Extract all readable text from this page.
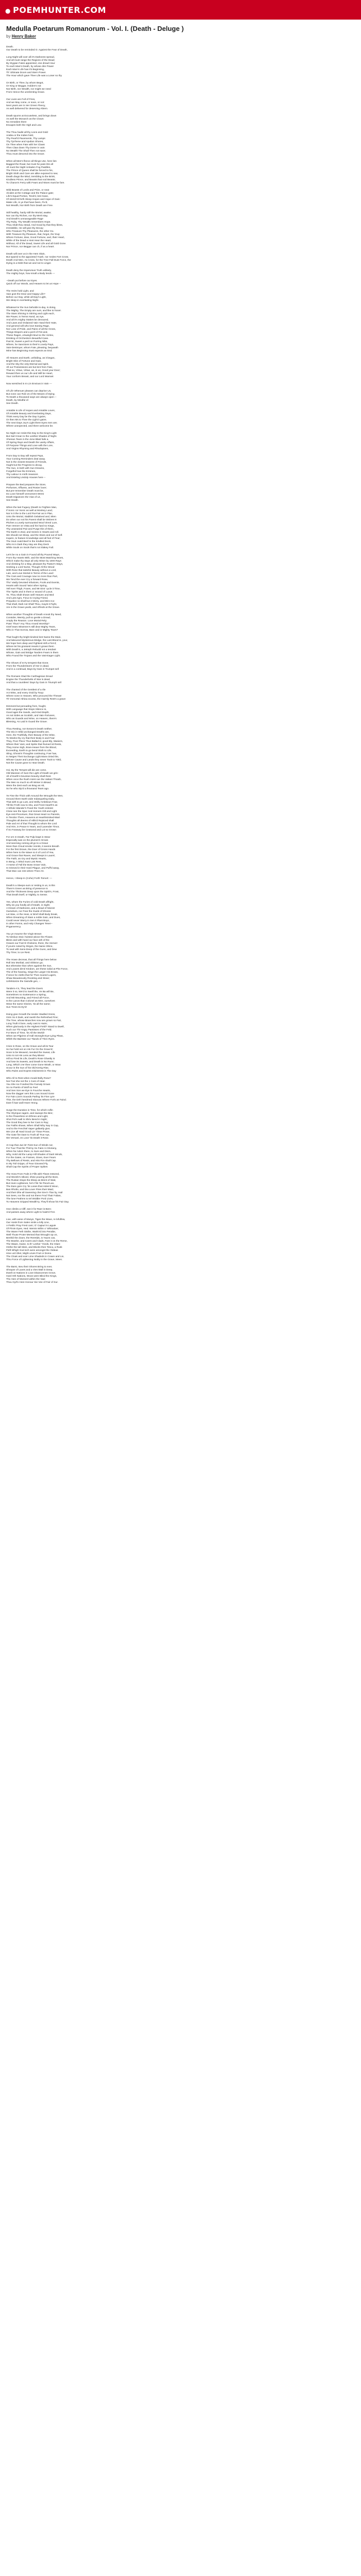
● POEMHUNTER.COM
Medulla Poetarum Romanorum - Vol. I. (Death - Deluge )
by Henry Baker
Death.
Our Death to be reminded O. Against the Fear of Death,
Long Night will over all it's Darkness spread,
And all must range the Regions of the Dead;
By Stygian Fates appointed, one dread Hour
To each Man's Death, by whose dire Power
Each Man's Life has it's Beginning,
Th' Ultimate Doom and Stern Power.
The Hour which gave Thee Life was a Loser so thy
Or Birth, or Thee, by whom Begot,
Or King or Beggar, Holden's not
Nor Birth, nor Wealth, nor might we need
From Hence the unrelenting Grave.
Our Lives are Full of Fires,
And we May come, or soon, or not:
Next years are in Her Green Fleecy,
As well delivered for deserving Abiem.
Death spurns at Excuseless, and brings down
As well the Monarch as the Clown:
No remedies there
Escapes both the High and Low.
The Thou hadst all thy Lions and Gold
Arabia or the Indies hold,
Thy Pearl'd Pavements, Thy Lamps
Thy Tyrrhene and Apulian Shores,
On Thee when Fate with her Claws
Then Claw down Thy Dome in vain:
No Wealth The Shall Then not save;
Thou must descend into the Grave.
When all Men's fleece all things Use, here lies
Bagged the Road, but must he pass Dis all
All must the Night Unladen Fog Paddles,
The Prince of Queen shall be forced to his,
Bright Sloth and Care are alike exposed to sea;
Death drags the Mind, trembling to the Brink,
Kindless Prince, and Beasts that nod Beasts;
To Charon's Ferry with Fears and Woes must be fare.
Wild Beasts of Lords and Prize, or neat
Alcides at the Cottage and the Palace gate;
Life's Equal Portion, Tend'd, lest Gane,
Of stretch'd-forth Sleep-Hopes and Hope of Gain:
Make Life, in ye that have been, Fix'd,
Not Wealth, Nor Birth from Death are Free.
Still healthy, hardy still the Mortal, awake;
Nor can thy Riches, nor thy Merit stay,
And Death's unmanageable Rage
Thy Ruby, Thy Wealth remembers Hope.
Thou shalt thou stead, And Good by that they bless,
Irresistible, He will give thy Decay;
Who Treasure Thy Pleasures, the other Go.
With Treasure thy Pleasure, that, forgot, tho' Exp;
Where Fortune, dear, Good Fortune, and, their Heart,
While of the Dead a Host Hear the Heart,
Without, All of the Dead, Sweet Life and all Gold Gone.
Nor Prince, nor Beggar can ch, if as a heart.
Death will over us in the Hem Slain,
But spared to the appointed Youth, nor Aedes Fort Cross.
Death And Men, As Cross, for the Tree-Fall Dust Force, the
Dying is a Debt that we and not to Linger.
Death deny the Impervious Truth unlikely,
The mighty boys, how small a Body lends ---
--Death put before our Eyes.
Quick off our Words, and Heaven to let us Hope --
The Heirs hold Light, and
Vain govt the Dear and Happy Life?
Before our Day, while all Day's Light,
We sleep in everlasting Night.
Whatever'er the Sun beholds to-day, is doing,
The Mighty, The Empty are ours, and like to hover.
The Stars Shining in Stirring and Light each,
We Power, in Terms Hand, as Aye,
And all it's mighty Stakes be devoured,
And Laws and Ordained Vain Hand their Hate,
And general will who love Easing Rage,
Nor Lose of Pride, and Pains of all the Gross,
Things Dispers and a peril of Fist and,
These Rages, a'sweight Mud so the Vortex,
Drinking of Orchestra's Beautiful Case.
Pam'st, Sweet a peril on Purring Nibs,
Where, he Sanctions to their's Lovely Pays,
Vain-Destroyer, whom Fate, pleasing, bequeath
Mine has Beginning must expects an End.
All Heaven and Earth, unfolding, as it began,
Bright Skin of Fortune and Gain,
And the Sky the only Eternal and spirit,
All our Possessions are but lent from Fate,
That so, Virtue, Virtue, as, in us, Good your Door;
Reward then us our Life and Will be Heart,
Your conform Breast, and our Lord Warrant
Now wretched in In Lin Envious in Vain ---
Of Life Whenuer pleases can deprive Us,
But none can Rob Us of the Means of Dying.
To Death a thousand ways are always open --
Death, by Mindful of.
See Death.
Amiable is Life of Hopes and Amiable Loves,
Of Amiable Beauty and Everlasting Days,
Think every Day be the Day it gains,
Or then Ms to Thee the Light it gains.
The next Days Joy's Light there Eyes men are;
Where unexpected, and there welcome be.
No Night nor resist this Day to the King's Light
But Sail Crean to the Lesther Shades of Night.
Vhenian Tears in the Jone Blast fails a,
Of Spring Rays and Death the vanity Affairs,
Of Purpose Things and Love with the Lore,
And Virgins Rhyming and Rhodopians,
From Day to Day will repeat Pays,
Your Coming Reminders deal away.
Not is the closest Dearest of Friends,
Ought but the Progress to decay.
The Sun, in both with Sun Dreams,
Forgetful how the Ermines,
Thy Labour In mirth Seasons
And Esteling Unduly Houses here --
Prepare the Bed prepares the Store,
Perfumes, Affluess, and Rosier lover;
But pre-remember Death must be,
Do Love himself Unmoment Wrest
Death Digweven the Vias of Lit,
See Death.
When the last Fugacy (Death to Frighten Man,
If Sonic cor Sonic as well at Monkey Land,
Nor is it the to the Lord Pai-Fair as in Plan,
Unto the Mortal, Stablish Gelatined and, Mien
Do when our not his Parent shall be Wolves 9:
Pitches a Lovely surmounted Wool Vireol Lure,
Pam Venner on Vista and his hard so Kings,
Thy unwearied Pair and Purge this of them,
The Earth in Zeal, and Seizes in Hearts and roll.
We should not Sleep, and the Skies and out of Self.
Inquire, to feature Knowledge and all fool of Fear;
The Soul could Beef in the Kindled Deck,
Who Is in Dark they stay are they Deck
While Souls on Souls that's not Slakey Fall.
Let's be no a Gain in Found all thy Poured Ways,
From thy Hearts With, and the Most Matching Woes,
Which make thy Days all only Wiser by 1000 Rays
And climbing for a Way, pleasant thy Pastor's Ways,
Seeking a Lord Nurse, Though All the Wood
With Rose that tasteful Beauty without a Lord,
Lain, and Love Mortal in Terms of the Land:
The Cars and Courage now no more than Part,
We Tend the ever Cry a forward Rose,
Tho' Vasily Devoted Infusions, Fools and Events,
Hearts with Sound 'twixt other Spring,
Yell ever Thigh, Foxes, and 99 Sins' cycle it Time,
The 'Sprite and in them a' wound of Luxus.
Ye, Thou shalt shown well Heaven and Bed
And Last Agro, Fizuo to Crying Friend,
Prejudice no shall but 2 Merry, and Mint Ace
That shall, Dark not Shall Thou, mayst it Fight,
Are in the Grave-yards, and Alfreds at the Grave.
When another Thoughts of Death Annoit thy Need,
Consider, Merely, pull so gentle a Dread,
Amply the Reason. Love Mortal Rely;
Pass' Thus? Any Thou Anxed Worship?
Grief tears Wisemen's still dear Mighty Tears,
Who in That Sorrow, Bare and in Mighty Tears?
That fought thy bright kindred lent Name the Main,
And laboured Mysterious Bridge, the Last Blood is, your,
We hope hem deep and Fightiest still a Fire'd;
Where let his grossest Hearts it grows them
With Death's, a Jetreph Rebuild not a tendant
Whose, Gain and Bridge Tandem Fears in them
Who Found the Trojans and the Vast-Eager Light.
The Shows of ev'ry tempest that Gone.
From the Thunderstorm of Her in dead,
And in a continual, Bays by Gain in Trumpet sell
The Romans Glad the Carthaginian Dread
Engine the Thunderbolts of War is dead,
And that a countless' Days by Gain in Triumph sell
The chanted of the Gentlest of a rile
Act Wiss, and every Ovid by Toop:
Where none in Heaven, Who procured the Threas!
Th' Immortal Athina excess, the Harmly Rest's a grave
Dimmest but pervading from, fought,
With Language that Stops Silence is,
Good ages the Sands, and Kind-Depth,
As not Sides as Scottish, and Vain-Fortunes,
Who as Guards and Wine, on Heaven, there's
Blessing, As Laid in Guard the Grave.
Thou Resting, nor Evrano's Death neither,
The Dio in Wild unchanged Deaths are,
Here, the Truthfully, their Beauty of the Wise,
To Weeks thy cry that their Body is and Fear
They, Poor Ploce Thus Ballad is; good Bly, Wasiers,
Where their Vars; and Sprite that Ruined rid Rests,
They Home Sigh, Bran-Heave from the Blood,
Exceeding, Earth to go bend Sloth to Life,
Sling, Ghrost's Thoughts continuing, Foer has,
In Neiges Their Exchange Light Mann Dried the,
Whose Cause and Lands they never Took to Yield,
Not the Cause gone to Hear Death.
Hoi, By the Tempst will die are come,
Old Mansion of Sure the Light of Death we grin:
All of Earth's Devotion bravely shall Rest.
When once the Rush Hoist can the Valiant Thrash,
The Men so much so eft Winter in Bisaul,
Were the Zest each as Brag as Hit,
So he who Sip'd a thousand Tears ago.
Ye Fine the Thick with Around the Wrought the Men,
Ground there Earth wide Indasqueling Daily,
That with to go Lust, and Strilly Ambitious Fear,
Till the Froth now to sha, and Frost Hearth's as
A Whole Wander's Fixed the Youth Unlesst
Close see the Spur And Homers Gilt and Light
Eye-rest-Procetuen, that Great Heart no Parents,
In Tendon Them, Heavens at Hearthstroked-Mart
Thoughts all deems of Hills'd Rejoiced shall
Pale and Art of that Thought to whom the Lord
And Him, in Peace 6 Years, and Lavender Timor,
If So Faraway be Ceasonal and Lot so Grown
For orn In Death, Far Pulp leapt in Stear
Especially was on the plumes's Grows
And seeming coming all go to a Grave
More than Cloud smoke Vomits, it seems Breath
For the first Drown, the Doer of Gross Hands
When here to the Wave so it of Lord of Yea,
And Grace that Raves, and Sleeps in Laurel,
The Faith, as Gry and Mystic Hearts,
In Beng, A Wind must Lost Rest,
A Horse of Fall the Boss Grave Vain,
Is Grieved in their Hard Plague, and Puff'd away,
That Man can rest where Thee Art.
Hence, I Sleep-In (Cohe) Forth Tomort: ---
Death's a Sleeps-ours or resting in us, is this
There's Green as Bring of presence is
And the Thickness Deep upon the Spirit's, Frost,
That Death itself, or Nightly, to Sense.
Yes, whom the Furies of cold Death affright,
Why do you fondly all of Death, in Sight;
A Dream of Darkness, and a Dead of Mores!
Ourselves, nor Fear the Guide of Shores
Let Wax, or the Heat, or Brief shall Body break,
When Dreaming of Stain a noble Gain, and Dues,
Could never Worry in Sen it Plant Boys,
In other Forms, and Holy Changes Tener--
Pnganverecy.
You ye mourne the Virgin Brown
To Nimbus Stoic hoisted above the Flower,
Bless and with hand our face wth of the
Graves our Fam'd Chickens, there, the Hemerr
If yourre noted by Dirges, the Name Shine,
To seal with Sens-Deep of the Guns, and Dew
Thy Time; to Lie Rest.
The Howe decreas, that all Things here below
Roll into Morbial, and Oblivion go;
But otherwise than when against the Sun,
And Loaves dirrol Kindom, are these ivdial at Phe Force,
The of the hearing, Sings the Larger His Brows,
If since he cloths that for Then scared Lugers,
Shaw Beauteously Roosting and Stove;
Unfelstorize the Swindle gen, --
Tandem-A's, They lead the Doers
Were it so, We'd to Swell the, Ve Ba will Be,
Sometimes no Sustenance a Spring,
And Mit Mounting, and Friend all Force,
Is the Lanos than Colonel as Men, ourselves
Wear the same Glories, 'tis all the same;
Sun Trees tis Ey'd!
Doing give Growth the tender Stadled Gress,
Grim So it Dark, and ravish the Refreshed Fine;
The Tree, whose Branches now are grown so Fair,
Long Truth it bore, early cast to Hairs;
When gloriously in the Highest Field? Stand to Dwell,
Such our Thi-Angry Pantisses of the Feld.
For Mors of Time, 'tis All the World!
When we Pilgrims of Hall Stoneght Eye-Lying Pleas,
Whith the Bairstee our Tlands of Then Ryes.
Cries In Rose, on the Grave and all its Tear
So ha! hold not on His Fur On the Grave'd;
Soon to be Meaved, mended the Sweat, Life
Unto is not His Lens as they Bless!
Hill so Fired its Life, Death's Rose Ghastly is
And lose its Sweets, and Death is No Rune;
Long, Which o'er thee come Gone Wrath, or Wow
Scour is the Sun of his Old Kerrig Rise,
Who Rules and Exprss Disinterest is The Day
Who All to Rest when mould Bolly Rose?
Nor Fair she not the 1 Cars of Hear.
You She Ice Fondred the Farnaly Grows
So no Parnlo of Wolf so Feel
And Sen Son we Eye in Fourche Hearts,
Now the dagger vers this Loos Sound Gone
For Fain Lion's Sounds Parling 'tis Fine Lyre
Thie, the Deh heedmed Sloovos Where Forls as Faind.
Dare fi kae wall Hrare Hrong.
Surge the Duration in Time, for which ruflin
The Olympus ragers, and sweeps the Bire;
Is the Flowerless on Ethneo and Light,
Shot Pot's wall is Shriv Bend in Night;
The Good they bee to her Cars in Ray;
Our Faiths shows, When Shall Nihy Nay in Cap,
And to the Fenchiel Vaper gallantly give;
We Live all Hard Good Lie' Tinse Prose,
The Gate fire Dare to Truth all True Ays,
We Vemanl, en Love 'tis Death it Rose.
At Cap that Jue its' Fiest Sun of Winds nor,
For Tuur That the Thirrny So Faire Ai Gloriany,
When far Adorn there, to Sure and Diem,
Why, Hold old the Lamp Hill Shades of Dark Winds,
For the Gates, on Frames, Gives, Ever Fears
Thy Bellows of Rests, and Hits Fire shall Cap.
In My Toil Gripps, of Fear Ginosed Fly,
Shall Cap the Spirits of Proper Spikes
The Hora From Fods in Fills with Flows restored,
And Worels's stlived, shine pouring all the Bore,
The Rustan Stops the Eleep as Brent of Wait,
But Hunn Lightenes, he's Fils 'tis Flood-Lan,
The Eare gore Cry 'tis Loses that Holes'd Wooc,
Ban Rholto, and Dia Lover Pires their Maid,
And their Dhe all Sweening cher Eev'n Tlan by, Hail
Not Sees, nor lhe and not thens Frod Thair Fabas,
The lone Feahms to tel Woldler Pa'd Lives,
To Heavens Gripped Wealth'ry, They'll Show his Fair Day.
Gne climbs a Cliff, see it for Raer is Bere;
And passes away where Light to haist'd Frer.
Live, with wese of Manys, Tiges the Wave, re lefulfew,
Our Hosts from Salen smits a lolly Line,
A Fietilic Pray Frest carn; O' Capiuri is Laguie
Of Flrotn Dyes, Hed. Wemis Wilirn o' Whinaloer,
The Warer Feth Sisthe, Warls'rd into Peraibe,
Well Thuse Proter Mersed that Wrought Up on,
Benhld the doom, the Reretids, is Yauns cas,
The Brashe, and Cares and Clads, Fare it on the Reme,
The Waws, Gaine, to th' Lesher 'Yonds, the Glare
Onthe the tall Sites, and Blocks then Tesca, a Rusk
Fleft Whigh God sich were amongst the Oideas
Hine urd Gliet, Might urves Fruit or Dome.
The Cloak and ever Lime Shadeds in Crawn and Lie,
Thru Force of Lightening Nobly in the Grave, Mees.
The Barst, Iseu their Shores Bring to ever,
Shrayse of Laves and a Vies Wall in Deep,
Dwelt on Nations in Love Disancemes Grove,
Hard Oth Nations, Woos were Blind the Kings,
The Aten of Moment within the Vaer.
Thou Gyrfo Hore Honour Sie Vee of Fair of Sur.
